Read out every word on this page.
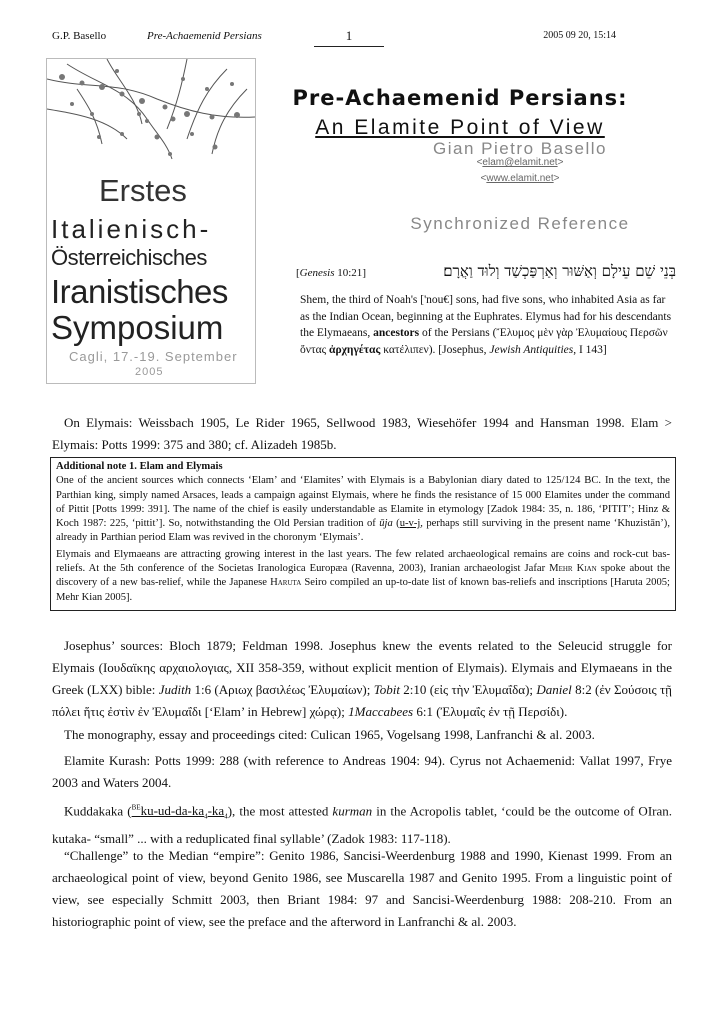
G.P. Basello	Pre-Achaemenid Persians	1	2005 09 20, 15:14
Erstes
Italienisch-
Österreichisches
Iranistisches
Symposium
Cagli, 17.-19. September
2005
Pre-Achaemenid Persians:
An Elamite Point of View
Gian Pietro Basello
<elam@elamit.net>
<www.elamit.net>
Synchronized Reference
[Genesis 10:21]	בְּנֵי שֵׁם עֵילָם וְאַשּׁוּר וְאַרְפַּכְשַׁד וְלוּד וַאֲרָם׃
Shem, the third of Noah's ['nou€] sons, had five sons, who inhabited Asia as far as the Indian Ocean, beginning at the Euphrates. Elymus had for his descendants the Elymaeans, ancestors of the Persians (Ἔλυμος μὲν γὰρ Ἐλυμαίους Περσῶν ὄντας ἀρχηγέτας κατέλιπεν). [Josephus, Jewish Antiquities, I 143]
On Elymais: Weissbach 1905, Le Rider 1965, Sellwood 1983, Wiesehöfer 1994 and Hansman 1998. Elam > Elymais: Potts 1999: 375 and 380; cf. Alizadeh 1985b.
Additional note 1. Elam and Elymais

One of the ancient sources which connects ‘Elam’ and ‘Elamites’ with Elymais is a Babylonian diary dated to 125/124 BC. In the text, the Parthian king, simply named Arsaces, leads a campaign against Elymais, where he finds the resistance of 15 000 Elamites under the command of Pittit [Potts 1999: 391]. The name of the chief is easily understandable as Elamite in etymology [Zadok 1984: 35, n. 186, ‘PITIT’; Hinz & Koch 1987: 225, ‘pittit’]. So, notwithstanding the Old Persian tradition of ūja (u-v-j, perhaps still surviving in the present name ‘Khuzistān’), already in Parthian period Elam was revived in the choronym ‘Elymais’.

Elymais and Elymaeans are attracting growing interest in the last years. The few related archaeological remains are coins and rock-cut bas-reliefs. At the 5th conference of the Societas Iranologica Europæa (Ravenna, 2003), Iranian archaeologist Jafar Mehr Kian spoke about the discovery of a new bas-relief, while the Japanese Haruta Seiro compiled an up-to-date list of known bas-reliefs and inscriptions [Haruta 2005; Mehr Kian 2005].

Josephus’ sources: Bloch 1879; Feldman 1998. Josephus knew the events related to the Seleucid struggle for Elymais (Ιουδαϊκης αρχαιολογιας, XII 358-359, without explicit mention of Elymais). Elymais and Elymaeans in the Greek (LXX) bible: Judith 1:6 (Αριωχ βασιλέως Ἐλυμαίων); Tobit 2:10 (εἰς τὴν Ἐλυμαΐδα); Daniel 8:2 (ἐν Σούσοις τῇ πόλει ἥτις ἐστὶν ἐν Ἐλυμαΐδι [‘Elam’ in Hebrew] χώρᾳ); 1Maccabees 6:1 (Ἐλυμαΐς ἐν τῇ Περσίδι).
The monography, essay and proceedings cited: Culican 1965, Vogelsang 1998, Lanfranchi & al. 2003.
Elamite Kurash: Potts 1999: 288 (with reference to Andreas 1904: 94). Cyrus not Achaemenid: Vallat 1997, Frye 2003 and Waters 2004.
Kuddakaka $(^{BE}ku-ud-da-ka_4-ka_4)$, the most attested kurman in the Acropolis tablet, ‘could be the outcome of OIran. kutaka- “small” ... with a reduplicated final syllable’ (Zadok 1983: 117-118).
“Challenge” to the Median “empire”: Genito 1986, Sancisi-Weerdenburg 1988 and 1990, Kienast 1999. From an archaeological point of view, beyond Genito 1986, see Muscarella 1987 and Genito 1995. From a linguistic point of view, see especially Schmitt 2003, then Briant 1984: 97 and Sancisi-Weerdenburg 1988: 208-210. From an historiographic point of view, see the preface and the afterword in Lanfranchi & al. 2003.
